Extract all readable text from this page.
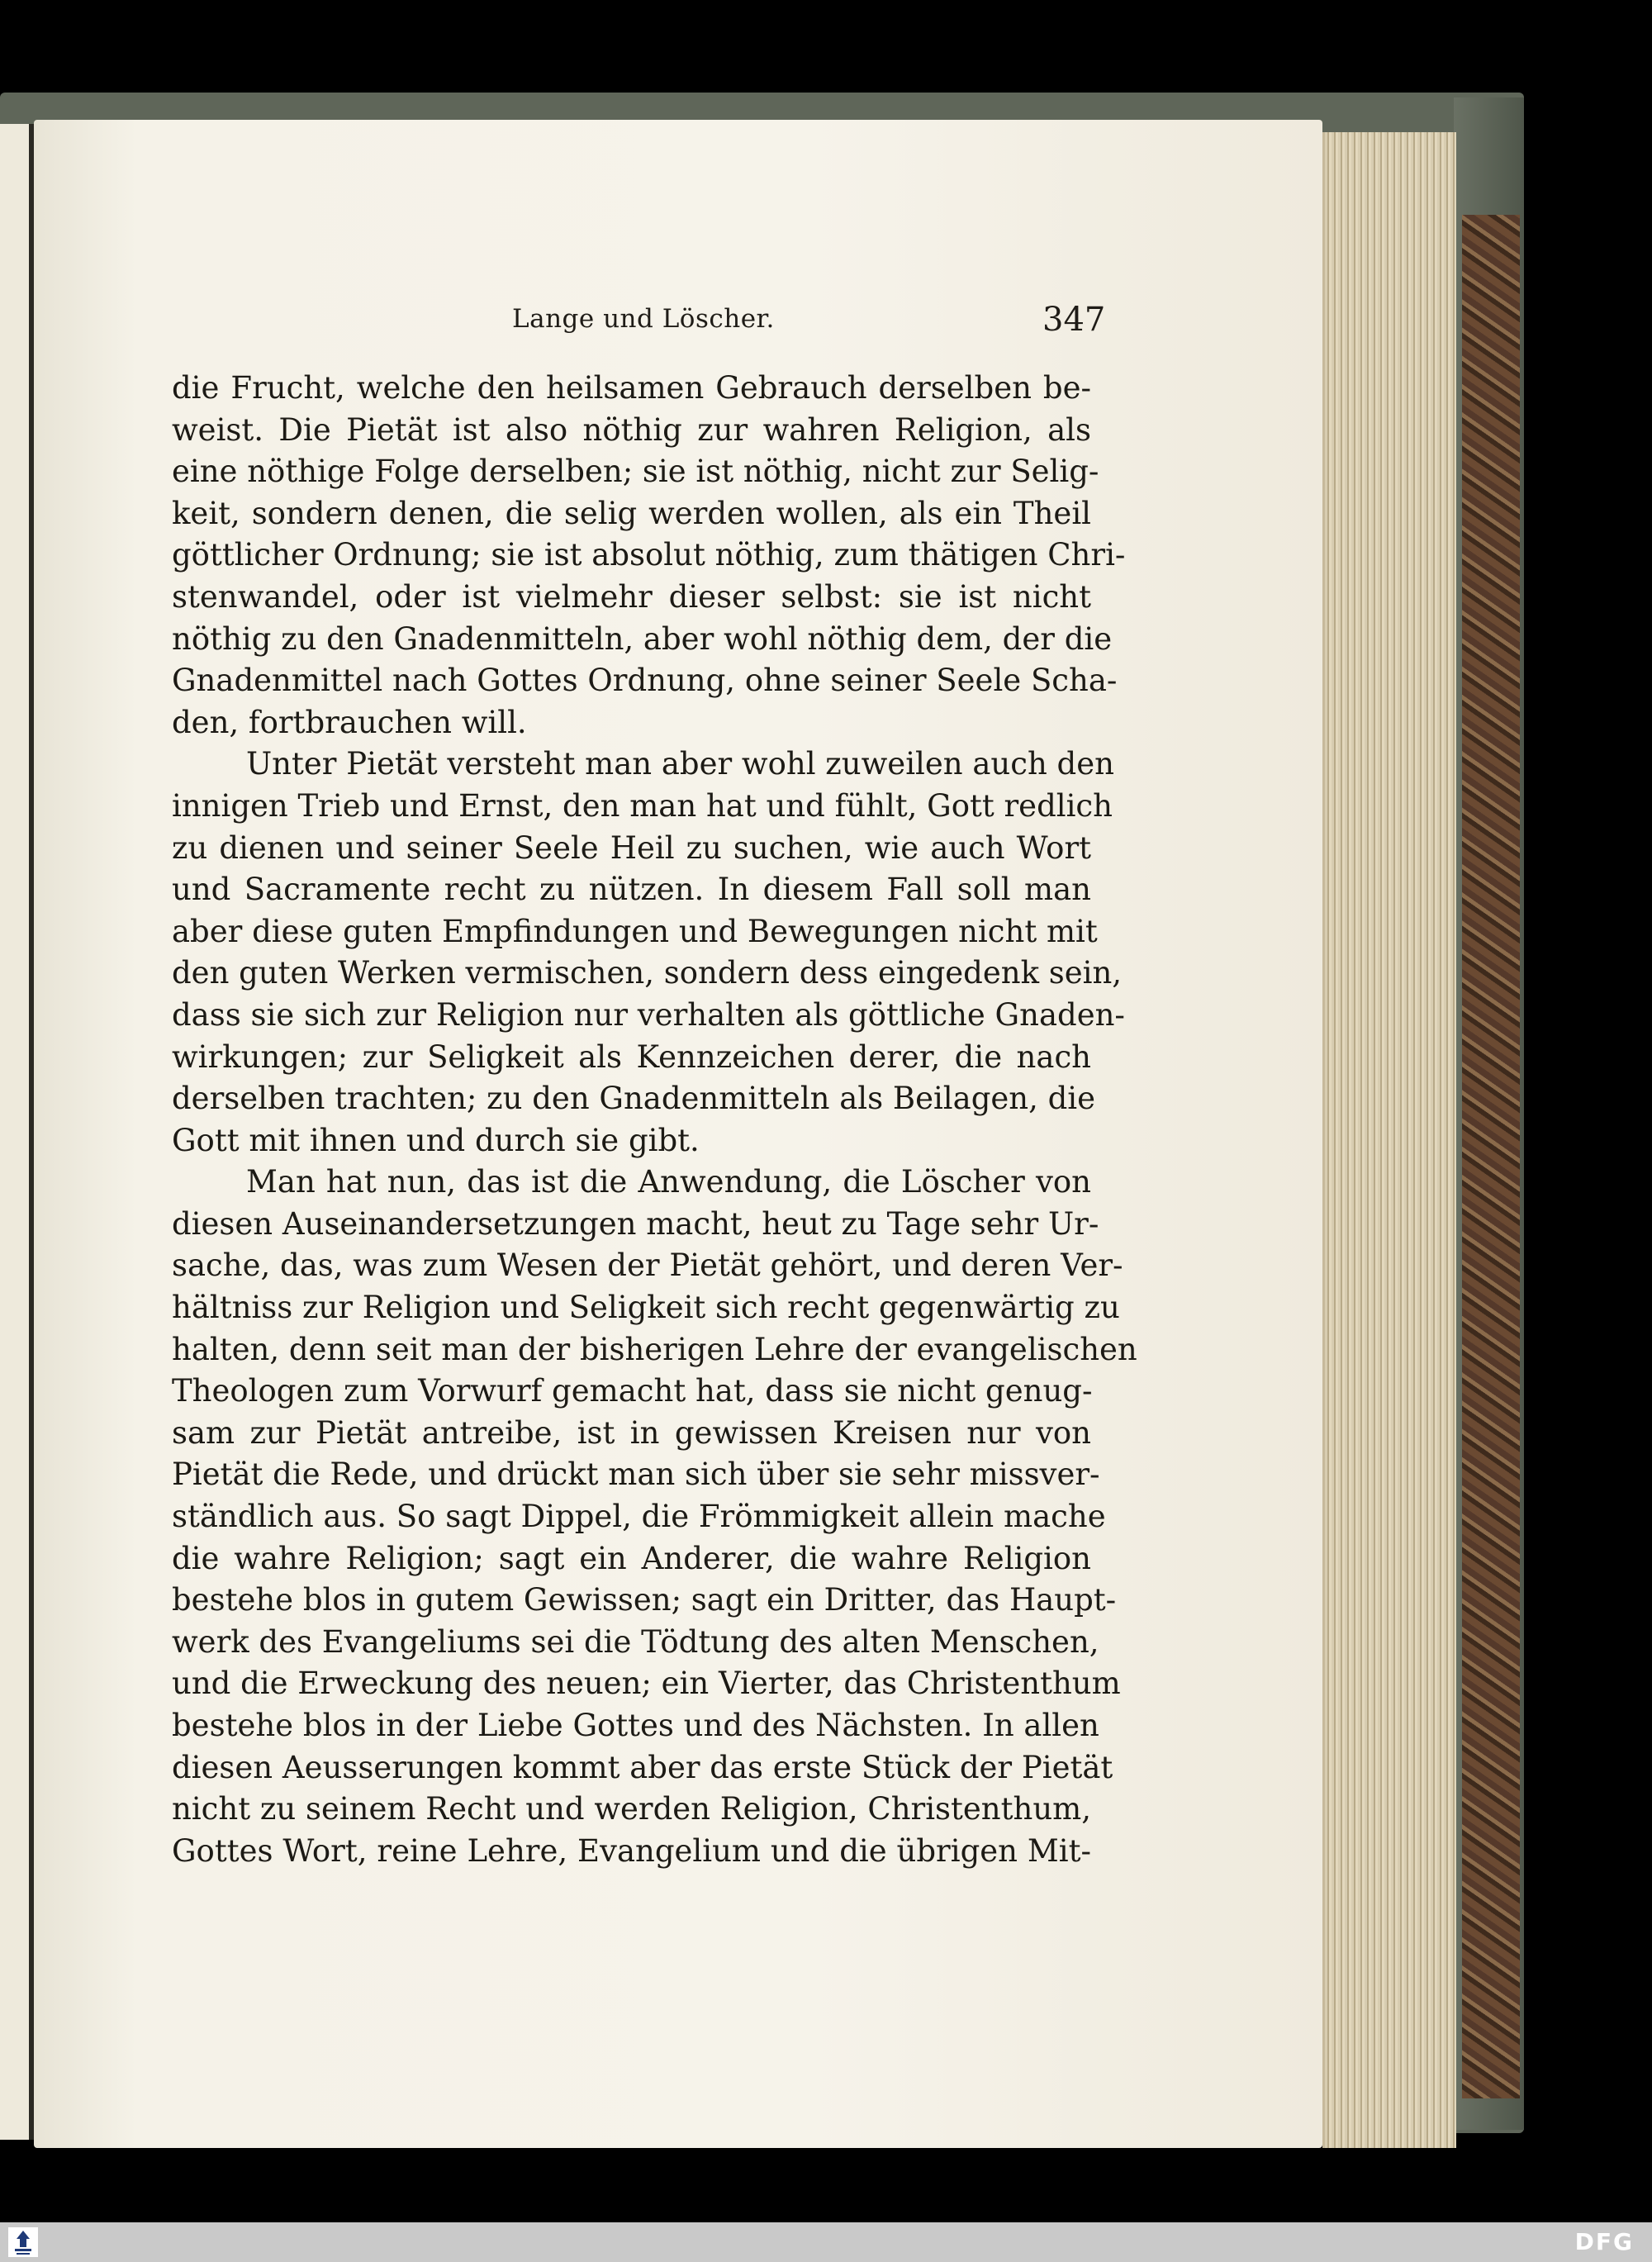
Lange und Löscher.	347
die Frucht, welche den heilsamen Gebrauch derselben be-
weist. Die Pietät ist also nöthig zur wahren Religion, als
eine nöthige Folge derselben; sie ist nöthig, nicht zur Selig-
keit, sondern denen, die selig werden wollen, als ein Theil
göttlicher Ordnung; sie ist absolut nöthig, zum thätigen Chri-
stenwandel, oder ist vielmehr dieser selbst: sie ist nicht
nöthig zu den Gnadenmitteln, aber wohl nöthig dem, der die
Gnadenmittel nach Gottes Ordnung, ohne seiner Seele Scha-
den, fortbrauchen will.
Unter Pietät versteht man aber wohl zuweilen auch den
innigen Trieb und Ernst, den man hat und fühlt, Gott redlich
zu dienen und seiner Seele Heil zu suchen, wie auch Wort
und Sacramente recht zu nützen. In diesem Fall soll man
aber diese guten Empfindungen und Bewegungen nicht mit
den guten Werken vermischen, sondern dess eingedenk sein,
dass sie sich zur Religion nur verhalten als göttliche Gnaden-
wirkungen; zur Seligkeit als Kennzeichen derer, die nach
derselben trachten; zu den Gnadenmitteln als Beilagen, die
Gott mit ihnen und durch sie gibt.
Man hat nun, das ist die Anwendung, die Löscher von
diesen Auseinandersetzungen macht, heut zu Tage sehr Ur-
sache, das, was zum Wesen der Pietät gehört, und deren Ver-
hältniss zur Religion und Seligkeit sich recht gegenwärtig zu
halten, denn seit man der bisherigen Lehre der evangelischen
Theologen zum Vorwurf gemacht hat, dass sie nicht genug-
sam zur Pietät antreibe, ist in gewissen Kreisen nur von
Pietät die Rede, und drückt man sich über sie sehr missver-
ständlich aus. So sagt Dippel, die Frömmigkeit allein mache
die wahre Religion; sagt ein Anderer, die wahre Religion
bestehe blos in gutem Gewissen; sagt ein Dritter, das Haupt-
werk des Evangeliums sei die Tödtung des alten Menschen,
und die Erweckung des neuen; ein Vierter, das Christenthum
bestehe blos in der Liebe Gottes und des Nächsten. In allen
diesen Aeusserungen kommt aber das erste Stück der Pietät
nicht zu seinem Recht und werden Religion, Christenthum,
Gottes Wort, reine Lehre, Evangelium und die übrigen Mit-
DFG
